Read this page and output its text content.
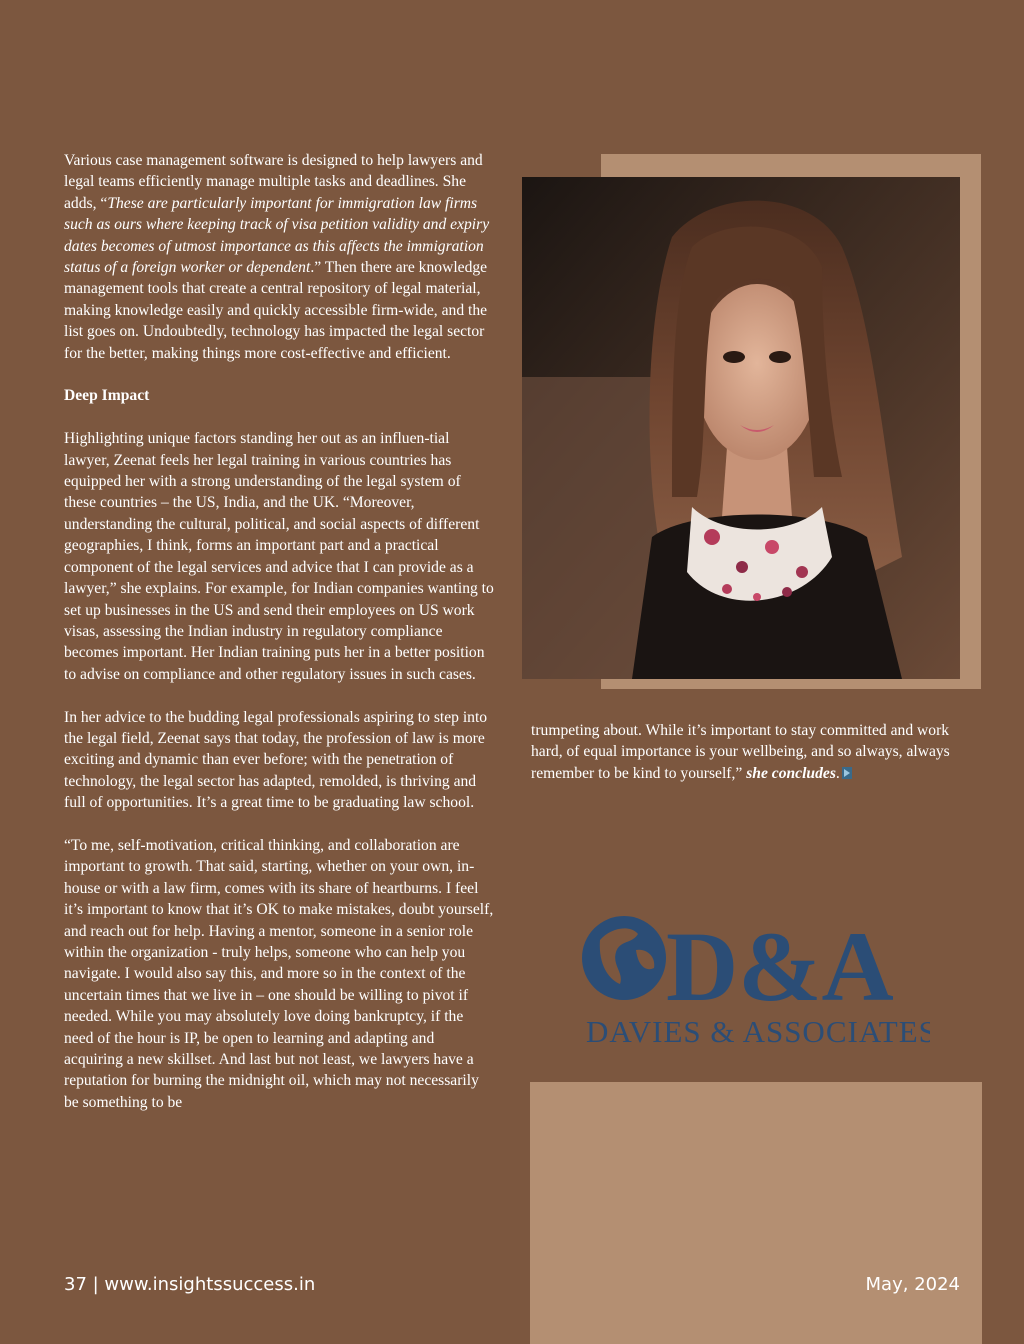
Various case management software is designed to help lawyers and legal teams efficiently manage multiple tasks and deadlines. She adds, “These are particularly important for immigration law firms such as ours where keeping track of visa petition validity and expiry dates becomes of utmost importance as this affects the immigration status of a foreign worker or dependent.” Then there are knowledge management tools that create a central repository of legal material, making knowledge easily and quickly accessible firm-wide, and the list goes on. Undoubtedly, technology has impacted the legal sector for the better, making things more cost-effective and efficient.

Deep Impact

Highlighting unique factors standing her out as an influen-tial lawyer, Zeenat feels her legal training in various countries has equipped her with a strong understanding of the legal system of these countries – the US, India, and the UK. “Moreover, understanding the cultural, political, and social aspects of different geographies, I think, forms an important part and a practical component of the legal services and advice that I can provide as a lawyer,” she explains. For example, for Indian companies wanting to set up businesses in the US and send their employees on US work visas, assessing the Indian industry in regulatory compliance becomes important. Her Indian training puts her in a better position to advise on compliance and other regulatory issues in such cases.

In her advice to the budding legal professionals aspiring to step into the legal field, Zeenat says that today, the profession of law is more exciting and dynamic than ever before; with the penetration of technology, the legal sector has adapted, remolded, is thriving and full of opportunities. It’s a great time to be graduating law school.

“To me, self-motivation, critical thinking, and collaboration are important to growth. That said, starting, whether on your own, in-house or with a law firm, comes with its share of heartburns. I feel it’s important to know that it’s OK to make mistakes, doubt yourself, and reach out for help. Having a mentor, someone in a senior role within the organization - truly helps, someone who can help you navigate. I would also say this, and more so in the context of the uncertain times that we live in – one should be willing to pivot if needed. While you may absolutely love doing bankruptcy, if the need of the hour is IP, be open to learning and adapting and acquiring a new skillset. And last but not least, we lawyers have a reputation for burning the midnight oil, which may not necessarily be something to be

trumpeting about. While it’s important to stay committed and work hard, of equal importance is your wellbeing, and so always, always remember to be kind to yourself,” she concludes.

D&A
DAVIES & ASSOCIATES
37 | www.insightssuccess.in	May, 2024
